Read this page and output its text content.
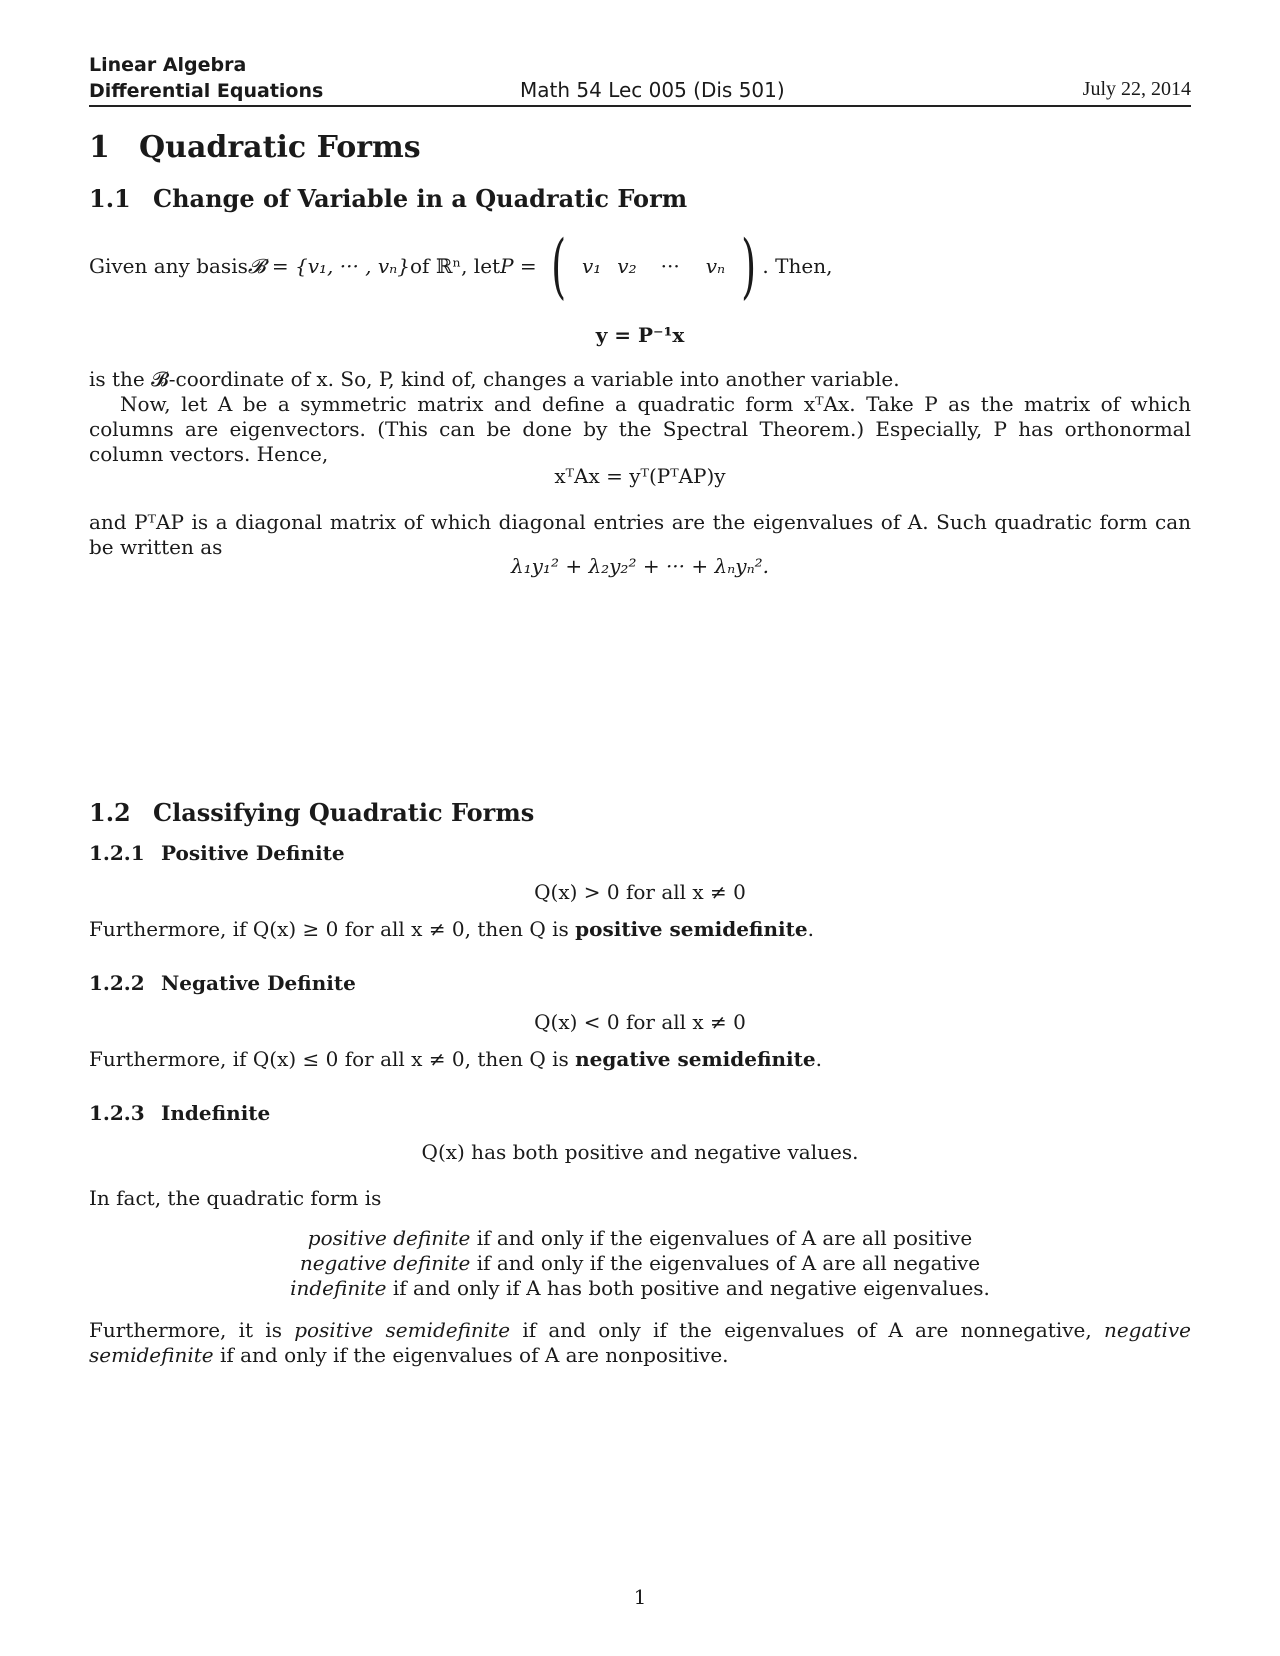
Linear Algebra
Differential Equations	Math 54 Lec 005 (Dis 501)	July 22, 2014
1 Quadratic Forms
1.1 Change of Variable in a Quadratic Form
Given any basis 𝓑 = {v₁, ··· , vₙ} of ℝⁿ, let P = ( v₁ v₂ ··· vₙ ) . Then,
y = P⁻¹x
is the 𝓑-coordinate of x. So, P, kind of, changes a variable into another variable.
Now, let A be a symmetric matrix and define a quadratic form xᵀAx. Take P as the matrix of which columns are eigenvectors. (This can be done by the Spectral Theorem.) Especially, P has orthonormal column vectors. Hence,
xᵀAx = yᵀ(PᵀAP)y
and PᵀAP is a diagonal matrix of which diagonal entries are the eigenvalues of A. Such quadratic form can be written as
λ₁y₁² + λ₂y₂² + ··· + λₙyₙ².
1.2 Classifying Quadratic Forms
1.2.1 Positive Definite
Q(x) > 0 for all x ≠ 0
Furthermore, if Q(x) ≥ 0 for all x ≠ 0, then Q is positive semidefinite.
1.2.2 Negative Definite
Q(x) < 0 for all x ≠ 0
Furthermore, if Q(x) ≤ 0 for all x ≠ 0, then Q is negative semidefinite.
1.2.3 Indefinite
Q(x) has both positive and negative values.
In fact, the quadratic form is
positive definite if and only if the eigenvalues of A are all positive
negative definite if and only if the eigenvalues of A are all negative
indefinite if and only if A has both positive and negative eigenvalues.
Furthermore, it is positive semidefinite if and only if the eigenvalues of A are nonnegative, negative semidefinite if and only if the eigenvalues of A are nonpositive.
1
